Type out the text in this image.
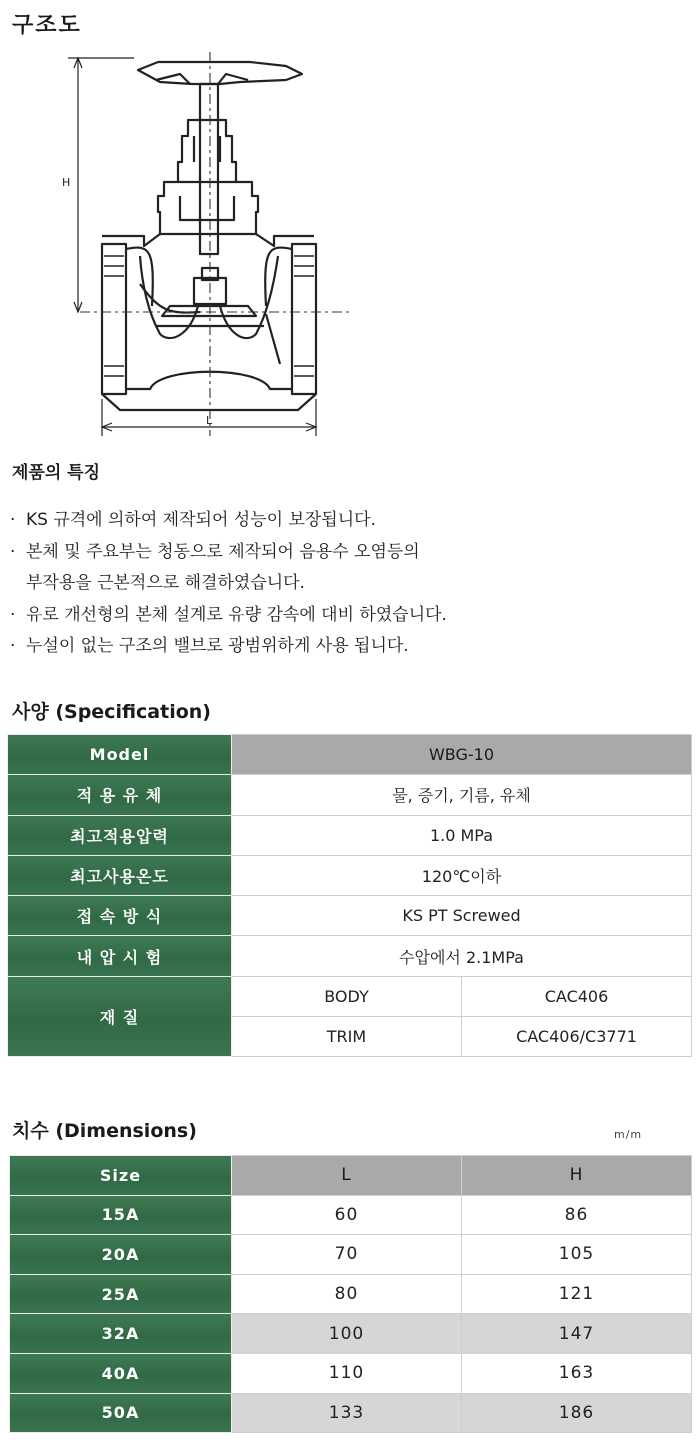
구조도
H
L
제품의 특징
· KS 규격에 의하여 제작되어 성능이 보장됩니다.
· 본체 및 주요부는 청동으로 제작되어 음용수 오염등의
부작용을 근본적으로 해결하였습니다.
· 유로 개선형의 본체 설계로 유량 감속에 대비 하였습니다.
· 누설이 없는 구조의 밸브로 광범위하게 사용 됩니다.
사양 (Specification)
Model	WBG-10	
적 용 유 체	물, 증기, 기름, 유체	
최고적용압력	1.0 MPa	
최고사용온도	120℃이하	
접 속 방 식	KS PT Screwed	
내 압 시 험	수압에서 2.1MPa	
재 질	BODY	CAC406
	TRIM	CAC406/C3771
치수 (Dimensions)	m/m
Size	L	H
15A	60	86
20A	70	105
25A	80	121
32A	100	147
40A	110	163
50A	133	186
